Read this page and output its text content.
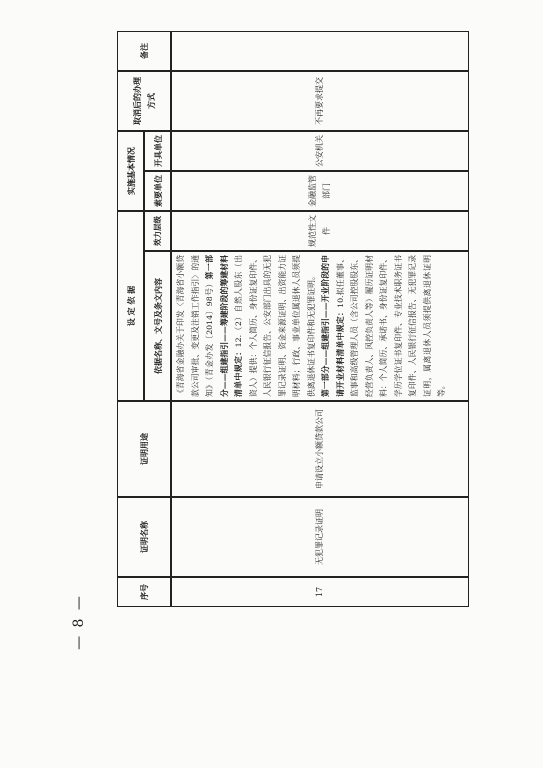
— 8 —
序号
证明名称
证明用途
设 定 依 据	依据名称、文号及条文内容
效力层级
实施基本情况	索要单位
开具单位
取消后的办理方式
备注
17
无犯罪记录证明
申请设立小额贷款公司
《青海省金融办关于印发〈青海省小额贷款公司审批、变更及注销工作指引〉的通知》（青金办发〔2014〕98号）第一部分——组建指引——筹建阶段的筹建材料清单中规定：12.（2）自然人股东（出资人）提供：个人简历、身份证复印件、人民银行征信报告、公安部门出具的无犯罪记录证明、资金来源证明、出资能力证明材料；行政、事业单位属退休人员须提供离退休证书复印件和无犯罪证明。 第一部分——组建指引——开业阶段的申请开业材料清单中规定：10.拟任董事、监事和高级管理人员（含公司控股股东、经营负责人、风控负责人等）履历证明材料：个人简历、承诺书、身份证复印件、学历学位证书复印件、专业技术职务证书复印件、人民银行征信报告、无犯罪记录证明，属离退休人员须提供离退休证明等。
规范性文件
金融监管部门
公安机关
不再要求提交
